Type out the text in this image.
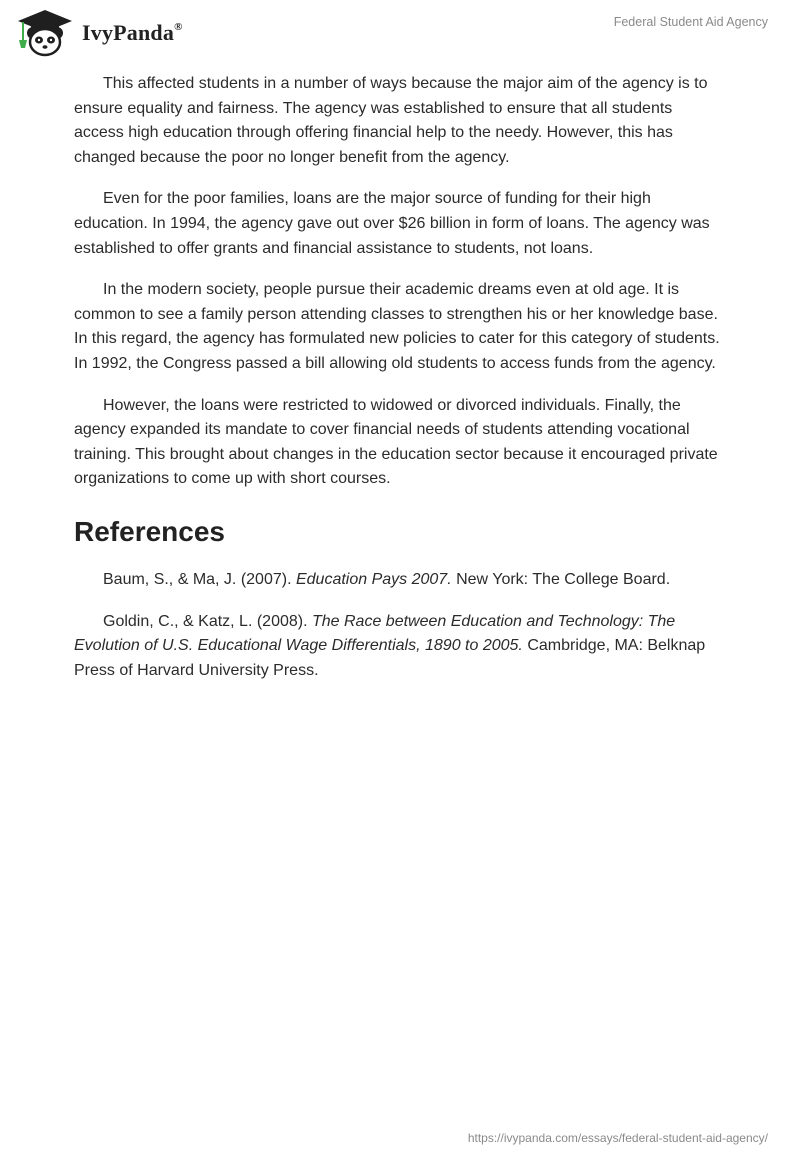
IvyPanda®	Federal Student Aid Agency

This affected students in a number of ways because the major aim of the agency is to ensure equality and fairness. The agency was established to ensure that all students access high education through offering financial help to the needy. However, this has changed because the poor no longer benefit from the agency.

Even for the poor families, loans are the major source of funding for their high education. In 1994, the agency gave out over $26 billion in form of loans. The agency was established to offer grants and financial assistance to students, not loans.

In the modern society, people pursue their academic dreams even at old age. It is common to see a family person attending classes to strengthen his or her knowledge base. In this regard, the agency has formulated new policies to cater for this category of students. In 1992, the Congress passed a bill allowing old students to access funds from the agency.

However, the loans were restricted to widowed or divorced individuals. Finally, the agency expanded its mandate to cover financial needs of students attending vocational training. This brought about changes in the education sector because it encouraged private organizations to come up with short courses.

References

Baum, S., & Ma, J. (2007). Education Pays 2007. New York: The College Board.

Goldin, C., & Katz, L. (2008). The Race between Education and Technology: The Evolution of U.S. Educational Wage Differentials, 1890 to 2005. Cambridge, MA: Belknap Press of Harvard University Press.

https://ivypanda.com/essays/federal-student-aid-agency/
